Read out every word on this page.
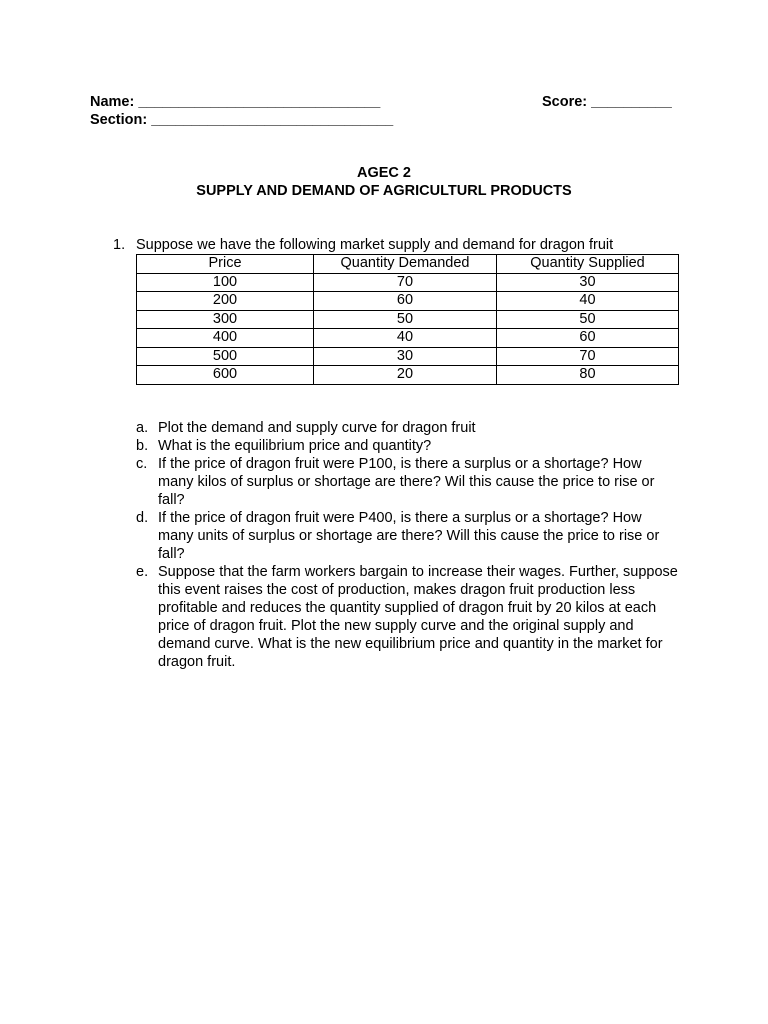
Name: ______________________________
Section: ______________________________
Score: __________
AGEC 2
SUPPLY AND DEMAND OF AGRICULTURL PRODUCTS
1. Suppose we have the following market supply and demand for dragon fruit
Price	Quantity Demanded	Quantity Supplied
100	70	30
200	60	40
300	50	50
400	40	60
500	30	70
600	20	80
a. Plot the demand and supply curve for dragon fruit
b. What is the equilibrium price and quantity?
c. If the price of dragon fruit were P100, is there a surplus or a shortage? How many kilos of surplus or shortage are there? Wil this cause the price to rise or fall?
d. If the price of dragon fruit were P400, is there a surplus or a shortage? How many units of surplus or shortage are there? Will this cause the price to rise or fall?
e. Suppose that the farm workers bargain to increase their wages. Further, suppose this event raises the cost of production, makes dragon fruit production less profitable and reduces the quantity supplied of dragon fruit by 20 kilos at each price of dragon fruit. Plot the new supply curve and the original supply and demand curve. What is the new equilibrium price and quantity in the market for dragon fruit.
